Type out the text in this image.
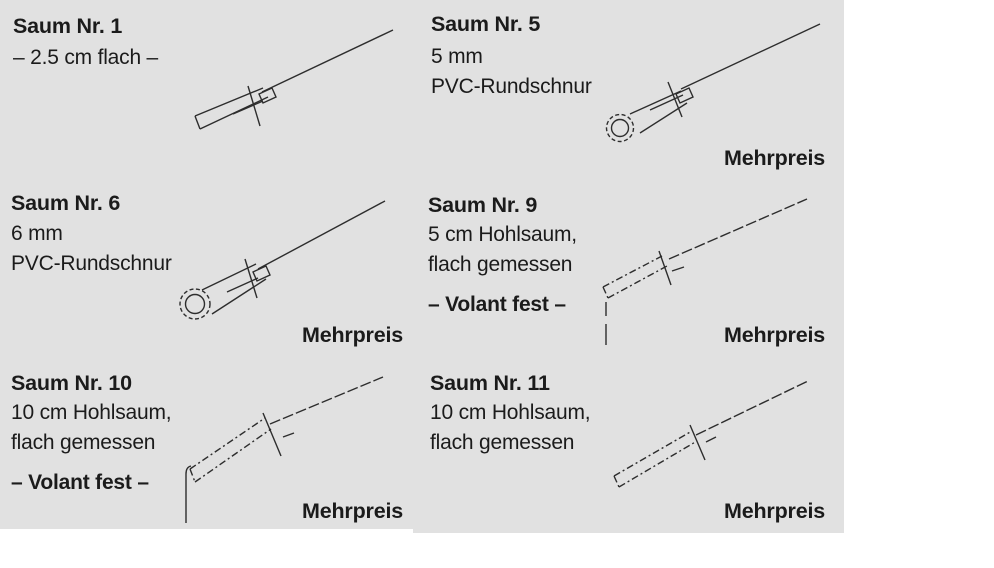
Saum Nr. 1
– 2.5 cm flach –
Saum Nr. 5
5 mm
PVC-Rundschnur
Mehrpreis
Saum Nr. 6
6 mm
PVC-Rundschnur
Mehrpreis
Saum Nr. 9
5 cm Hohlsaum,
flach gemessen
– Volant fest –
Mehrpreis
Saum Nr. 10
10 cm Hohlsaum,
flach gemessen
– Volant fest –
Mehrpreis
Saum Nr. 11
10 cm Hohlsaum,
flach gemessen
Mehrpreis
